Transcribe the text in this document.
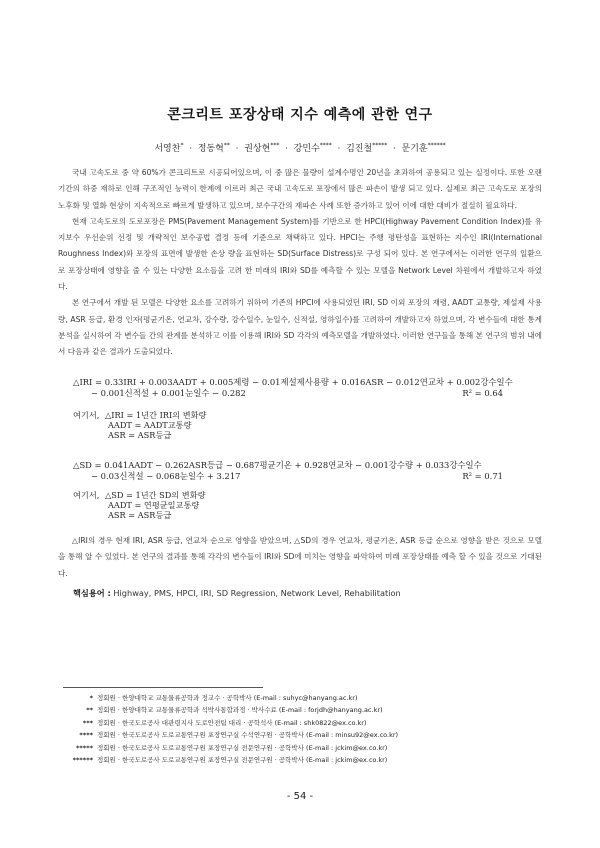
콘크리트 포장상태 지수 예측에 관한 연구
서영찬* · 정동혁** · 권상현*** · 강민수**** · 김진철***** · 문기훈******

국내 고속도로 중 약 60%가 콘크리트로 시공되어있으며, 이 중 많은 물량이 설계수명인 20년을 초과하여 공용되고 있는 실정이다. 또한 오랜 기간의 하중 재하로 인해 구조적인 능력이 한계에 이르러 최근 국내 고속도로 포장에서 많은 파손이 발생 되고 있다. 실제로 최근 고속도로 포장의 노후화 및 열화 현상이 지속적으로 빠르게 발생하고 있으며, 보수구간의 재파손 사례 또한 증가하고 있어 이에 대한 대비가 절실히 필요하다.

현재 고속도로의 도로포장은 PMS(Pavement Management System)를 기반으로 한 HPCI(Highway Pavement Condition Index)를 유지보수 우선순위 선정 및 개략적인 보수공법 결정 등에 기준으로 채택하고 있다. HPCI는 주행 평탄성을 표현하는 지수인 IRI(International Roughness Index)와 포장의 표면에 발생한 손상 량을 표현하는 SD(Surface Distress)로 구성 되어 있다. 본 연구에서는 이러한 연구의 일환으로 포장상태에 영향을 줄 수 있는 다양한 요소들을 고려 한 미래의 IRI와 SD를 예측할 수 있는 모델을 Network Level 차원에서 개발하고자 하였다.

본 연구에서 개발 된 모델은 다양한 요소를 고려하기 위하여 기존의 HPCI에 사용되었던 IRI, SD 이외 포장의 재령, AADT 교통량, 제설제 사용량, ASR 등급, 환경 인자(평균기온, 연교차, 강수량, 강수일수, 눈일수, 신적설, 영하일수)를 고려하여 개발하고자 하였으며, 각 변수들에 대한 통계분석을 실시하여 각 변수들 간의 관계를 분석하고 이를 이용해 IRI와 SD 각각의 예측모델을 개발하였다. 이러한 연구들을 통해 본 연구의 범위 내에서 다음과 같은 결과가 도출되었다.

△IRI = 0.33IRI + 0.003AADT + 0.005제령 − 0.01제설제사용량 + 0.016ASR − 0.012연교차 + 0.002강수일수
− 0.001신적설 + 0.001눈일수 − 0.282	R² = 0.64
여기서, △IRI = 1년간 IRI의 변화량
AADT = AADT교통량
ASR = ASR등급
△SD = 0.041AADT − 0.262ASR등급 − 0.687평균기온 + 0.928연교차 − 0.001강수량 + 0.033강수일수
− 0.03신적설 − 0.068눈일수 + 3.217	R² = 0.71
여기서, △SD = 1년간 SD의 변화량
AADT = 연평균일교통량
ASR = ASR등급

△IRI의 경우 현재 IRI, ASR 등급, 연교차 순으로 영향을 받았으며, △SD의 경우 연교차, 평균기온, ASR 등급 순으로 영향을 받은 것으로 모델을 통해 알 수 있었다. 본 연구의 결과를 통해 각각의 변수들이 IRI와 SD에 미치는 영향을 파악하여 미래 포장상태를 예측 할 수 있을 것으로 기대된다.

핵심용어 : Highway, PMS, HPCI, IRI, SD Regression, Network Level, Rehabilitation
* 정회원 · 한양대학교 교통물류공학과 정교수 · 공학박사 (E-mail : suhyc@hanyang.ac.kr)
** 정회원 · 한양대학교 교통물류공학과 석박사통합과정 · 박사수료 (E-mail : forjdh@hanyang.ac.kr)
*** 정회원 · 한국도로공사 대관령지사 도로안전팀 대리 · 공학석사 (E-mail : shk0822@ex.co.kr)
**** 정회원 · 한국도로공사 도로교통연구원 포장연구실 수석연구원 · 공학박사 (E-mail : minsu92@ex.co.kr)
***** 정회원 · 한국도로공사 도로교통연구원 포장연구실 전문연구원 · 공학박사 (E-mail : jckim@ex.co.kr)
****** 정회원 · 한국도로공사 도로교통연구원 포장연구실 전문연구원 · 공학박사 (E-mail : jckim@ex.co.kr)
- 54 -
